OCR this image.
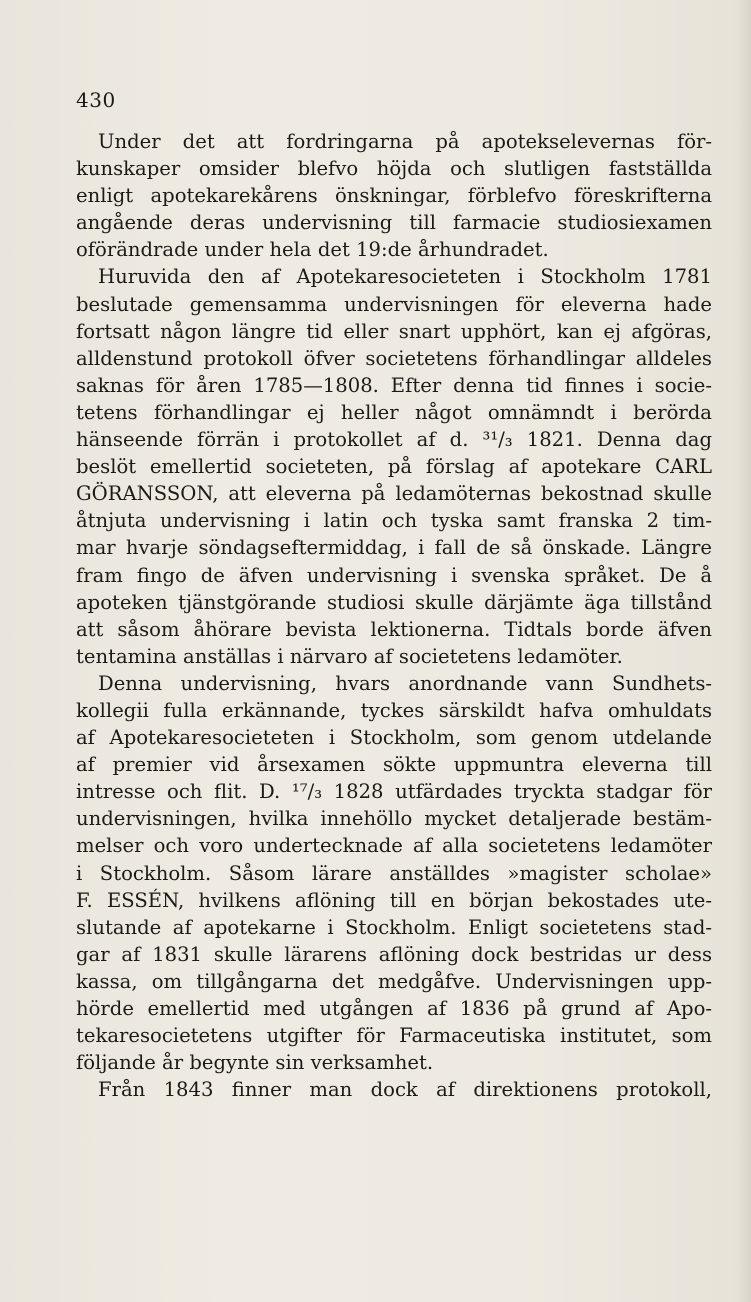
430
Under det att fordringarna på apotekselevernas för-
kunskaper omsider blefvo höjda och slutligen fastställda
enligt apotekarekårens önskningar, förblefvo föreskrifterna
angående deras undervisning till farmacie studiosiexamen
oförändrade under hela det 19:de århundradet.
Huruvida den af Apotekaresocieteten i Stockholm 1781
beslutade gemensamma undervisningen för eleverna hade
fortsatt någon längre tid eller snart upphört, kan ej afgöras,
alldenstund protokoll öfver societetens förhandlingar alldeles
saknas för åren 1785—1808. Efter denna tid finnes i socie-
tetens förhandlingar ej heller något omnämndt i berörda
hänseende förrän i protokollet af d. ³¹/₃ 1821. Denna dag
beslöt emellertid societeten, på förslag af apotekare CARL
GÖRANSSON, att eleverna på ledamöternas bekostnad skulle
åtnjuta undervisning i latin och tyska samt franska 2 tim-
mar hvarje söndagseftermiddag, i fall de så önskade. Längre
fram fingo de äfven undervisning i svenska språket. De å
apoteken tjänstgörande studiosi skulle därjämte äga tillstånd
att såsom åhörare bevista lektionerna. Tidtals borde äfven
tentamina anställas i närvaro af societetens ledamöter.
Denna undervisning, hvars anordnande vann Sundhets-
kollegii fulla erkännande, tyckes särskildt hafva omhuldats
af Apotekaresocieteten i Stockholm, som genom utdelande
af premier vid årsexamen sökte uppmuntra eleverna till
intresse och flit. D. ¹⁷/₃ 1828 utfärdades tryckta stadgar för
undervisningen, hvilka innehöllo mycket detaljerade bestäm-
melser och voro undertecknade af alla societetens ledamöter
i Stockholm. Såsom lärare anställdes »magister scholae»
F. ESSÉN, hvilkens aflöning till en början bekostades ute-
slutande af apotekarne i Stockholm. Enligt societetens stad-
gar af 1831 skulle lärarens aflöning dock bestridas ur dess
kassa, om tillgångarna det medgåfve. Undervisningen upp-
hörde emellertid med utgången af 1836 på grund af Apo-
tekaresocietetens utgifter för Farmaceutiska institutet, som
följande år begynte sin verksamhet.
Från 1843 finner man dock af direktionens protokoll,
